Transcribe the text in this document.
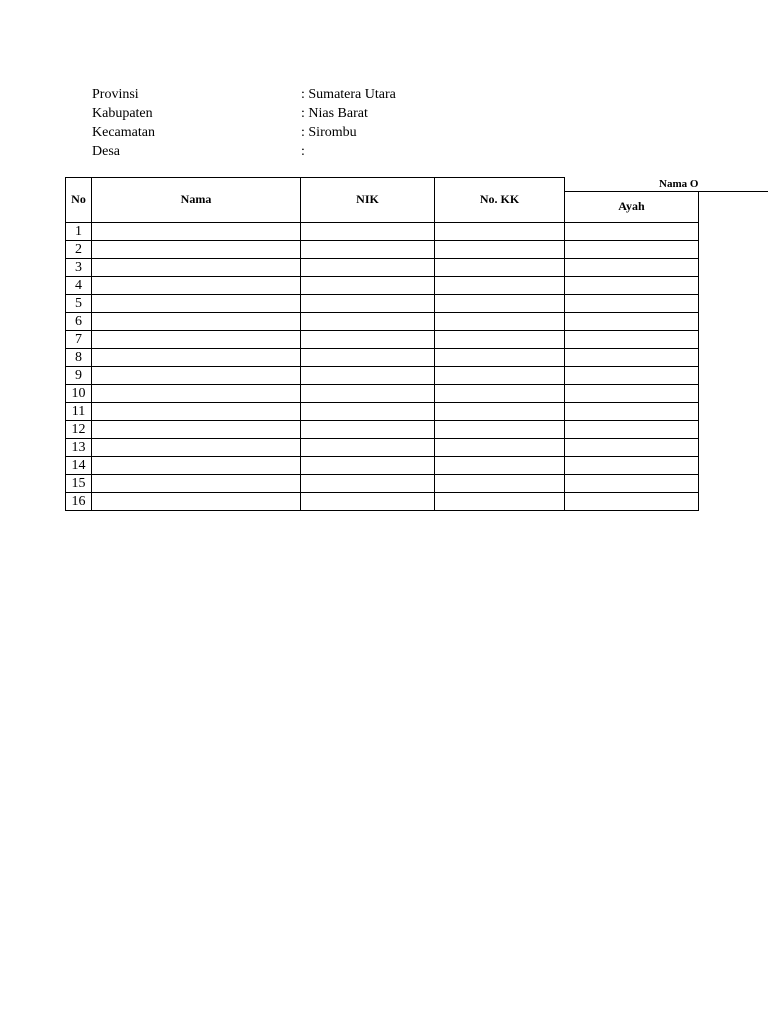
Provinsi	: Sumatera Utara
Kabupaten	: Nias Barat
Kecamatan	: Sirombu
Desa	:
No	Nama	NIK	No. KK	Nama O	
				Ayah	
1					
2					
3					
4					
5					
6					
7					
8					
9					
10					
11					
12					
13					
14					
15					
16					
